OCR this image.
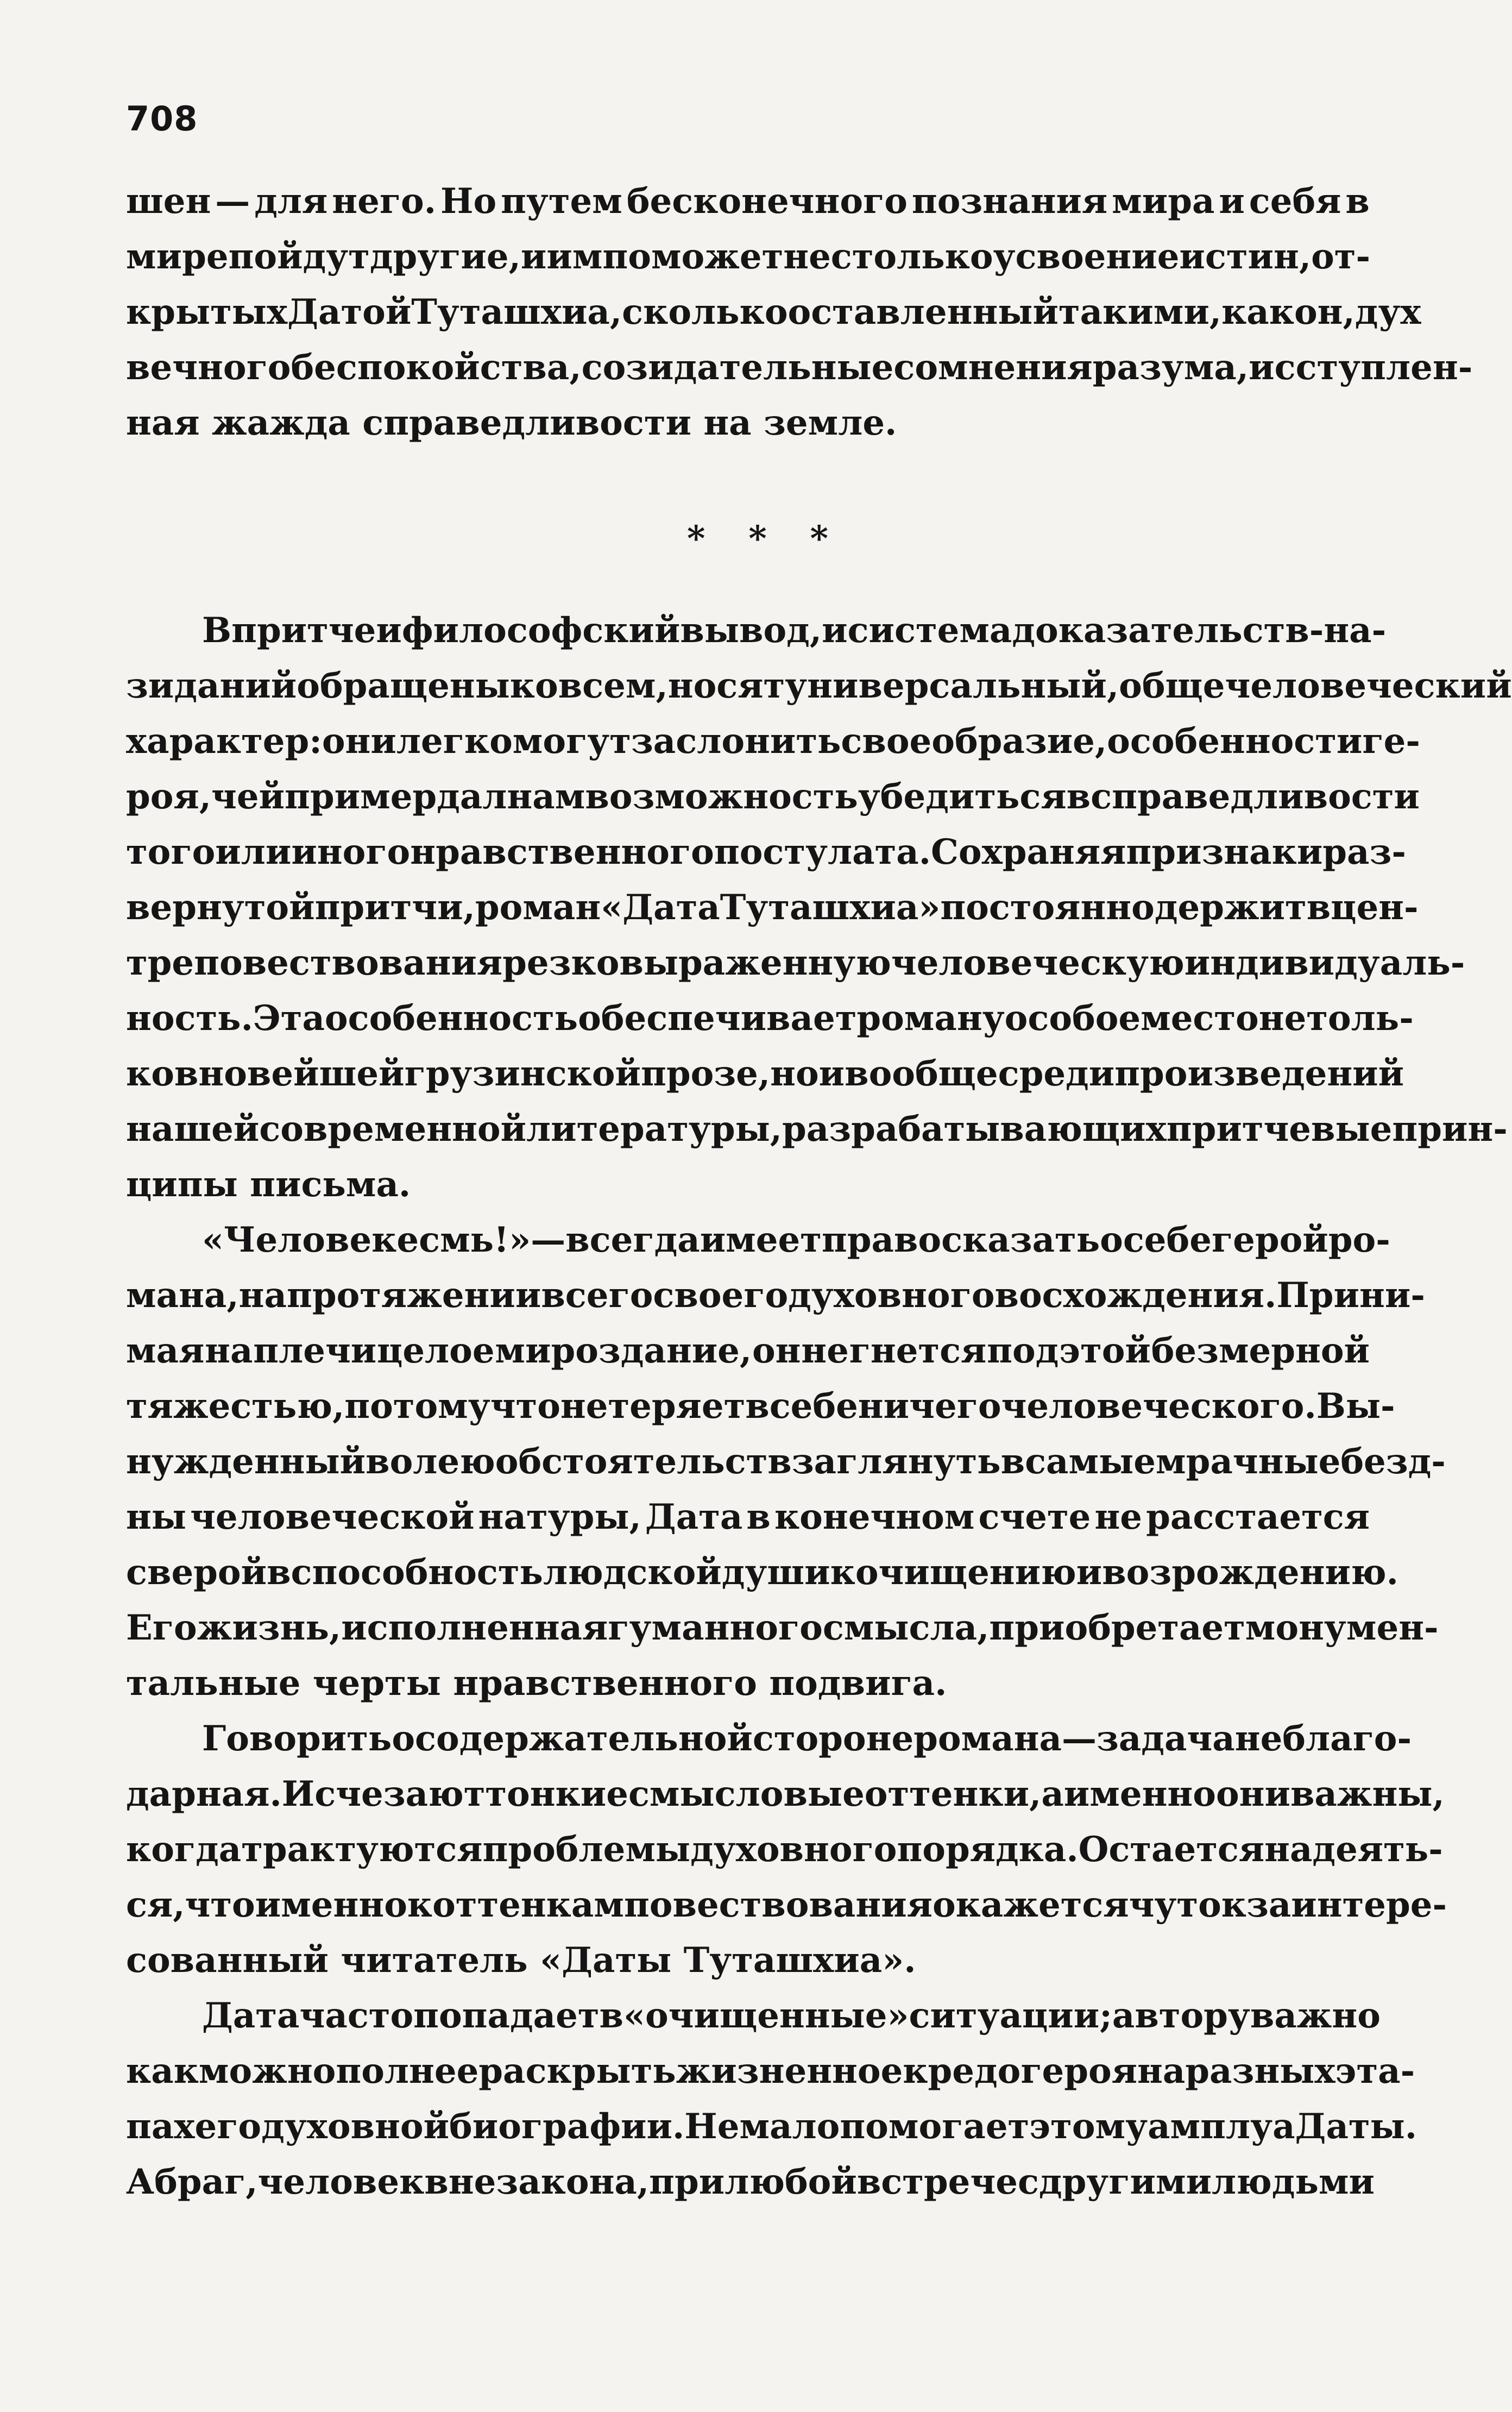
708
шен — для него. Но путем бесконечного познания мира и себя в
мире пойдут другие, и им поможет не столько усвоение истин, от-
крытых Датой Туташхиа, сколько оставленный такими, как он, дух
вечного беспокойства, созидательные сомнения разума, исступлен-
ная жажда справедливости на земле.
* * *
В притче и философский вывод, и система доказательств-на-
зиданий обращены ко всем, носят универсальный, общечеловеческий
характер: они легко могут заслонить своеобразие, особенности ге-
роя, чей пример дал нам возможность убедиться в справедливости
того или иного нравственного постулата. Сохраняя признаки раз-
вернутой притчи, роман «Дата Туташхиа» постоянно держит в цен-
тре повествования резко выраженную человеческую индивидуаль-
ность. Эта особенность обеспечивает роману особое место не толь-
ко в новейшей грузинской прозе, но и вообще среди произведений
нашей современной литературы, разрабатывающих притчевые прин-
ципы письма.
«Человек есмь!» — всегда имеет право сказать о себе герой ро-
мана, на протяжении всего своего духовного восхождения. Прини-
мая на плечи целое мироздание, он не гнется под этой безмерной
тяжестью, потому что не теряет в себе ничего человеческого. Вы-
нужденный волею обстоятельств заглянуть в самые мрачные безд-
ны человеческой натуры, Дата в конечном счете не расстается
с верой в способность людской души к очищению и возрождению.
Его жизнь, исполненная гуманного смысла, приобретает монумен-
тальные черты нравственного подвига.
Говорить о содержательной стороне романа — задача неблаго-
дарная. Исчезают тонкие смысловые оттенки, а именно они важны,
когда трактуются проблемы духовного порядка. Остается надеять-
ся, что именно к оттенкам повествования окажется чуток заинтере-
сованный читатель «Даты Туташхиа».
Дата часто попадает в «очищенные» ситуации; автору важно
как можно полнее раскрыть жизненное кредо героя на разных эта-
пах его духовной биографии. Немало помогает этому амплуа Даты.
Абраг, человек вне закона, при любой встрече с другими людьми
